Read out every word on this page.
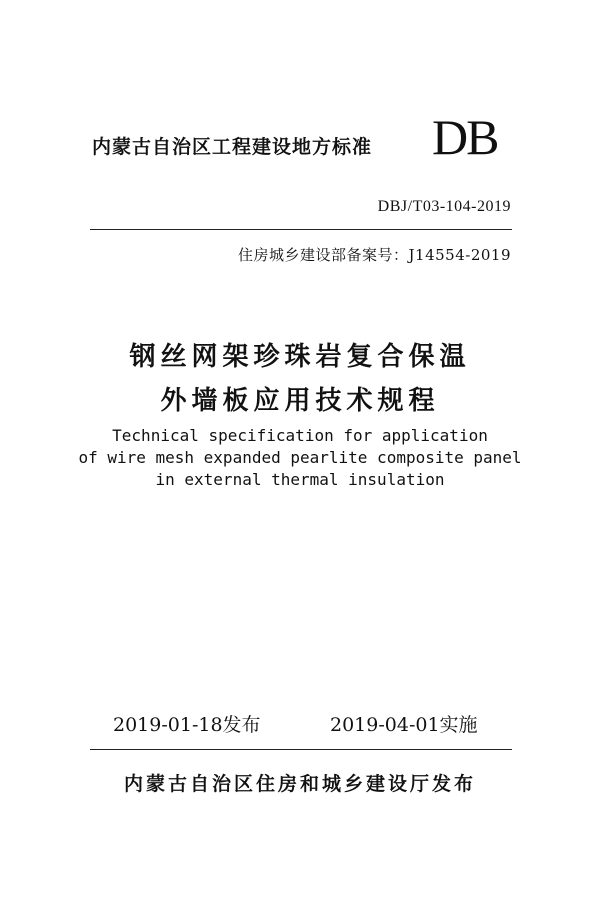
内蒙古自治区工程建设地方标准 DB
DBJ/T03-104-2019
住房城乡建设部备案号：J14554-2019
钢丝网架珍珠岩复合保温
外墙板应用技术规程
Technical specification for application
of wire mesh expanded pearlite composite panel
in external thermal insulation
2019-01-18发布	2019-04-01实施
内蒙古自治区住房和城乡建设厅发布
